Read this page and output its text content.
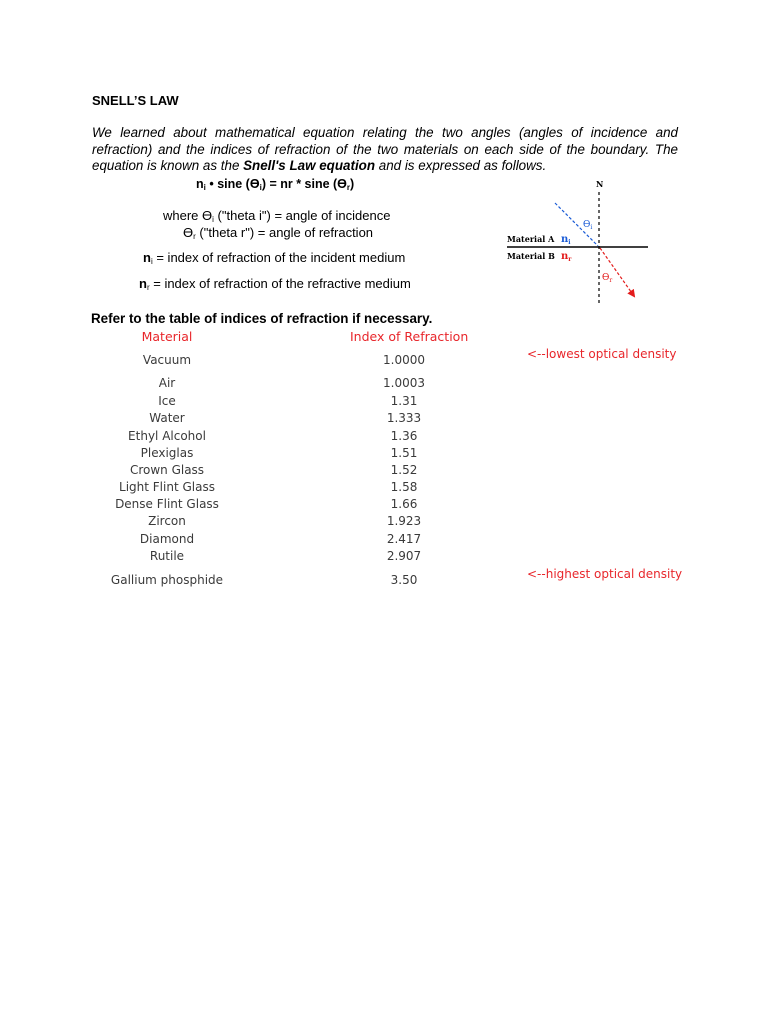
SNELL’S LAW
We learned about mathematical equation relating the two angles (angles of incidence and refraction) and the indices of refraction of the two materials on each side of the boundary. The equation is known as the Snell's Law equation and is expressed as follows.
$n_i$ • sine $(ϴ_i)$ = nr * sine $(ϴ_r)$
where $ϴ_i$ ("theta i") = angle of incidence
$ϴ_r$ ("theta r") = angle of refraction
$n_i$ = index of refraction of the incident medium
$n_r$ = index of refraction of the refractive medium
N
Material A
Material B
$n_i$
$n_r$
$ϴ_i$
$ϴ_r$
Refer to the table of indices of refraction if necessary.
Material	Index of Refraction
Vacuum	1.0000	<--lowest optical density
Air	1.0003
Ice	1.31
Water	1.333
Ethyl Alcohol	1.36
Plexiglas	1.51
Crown Glass	1.52
Light Flint Glass	1.58
Dense Flint Glass	1.66
Zircon	1.923
Diamond	2.417
Rutile	2.907
Gallium phosphide	3.50	<--highest optical density
